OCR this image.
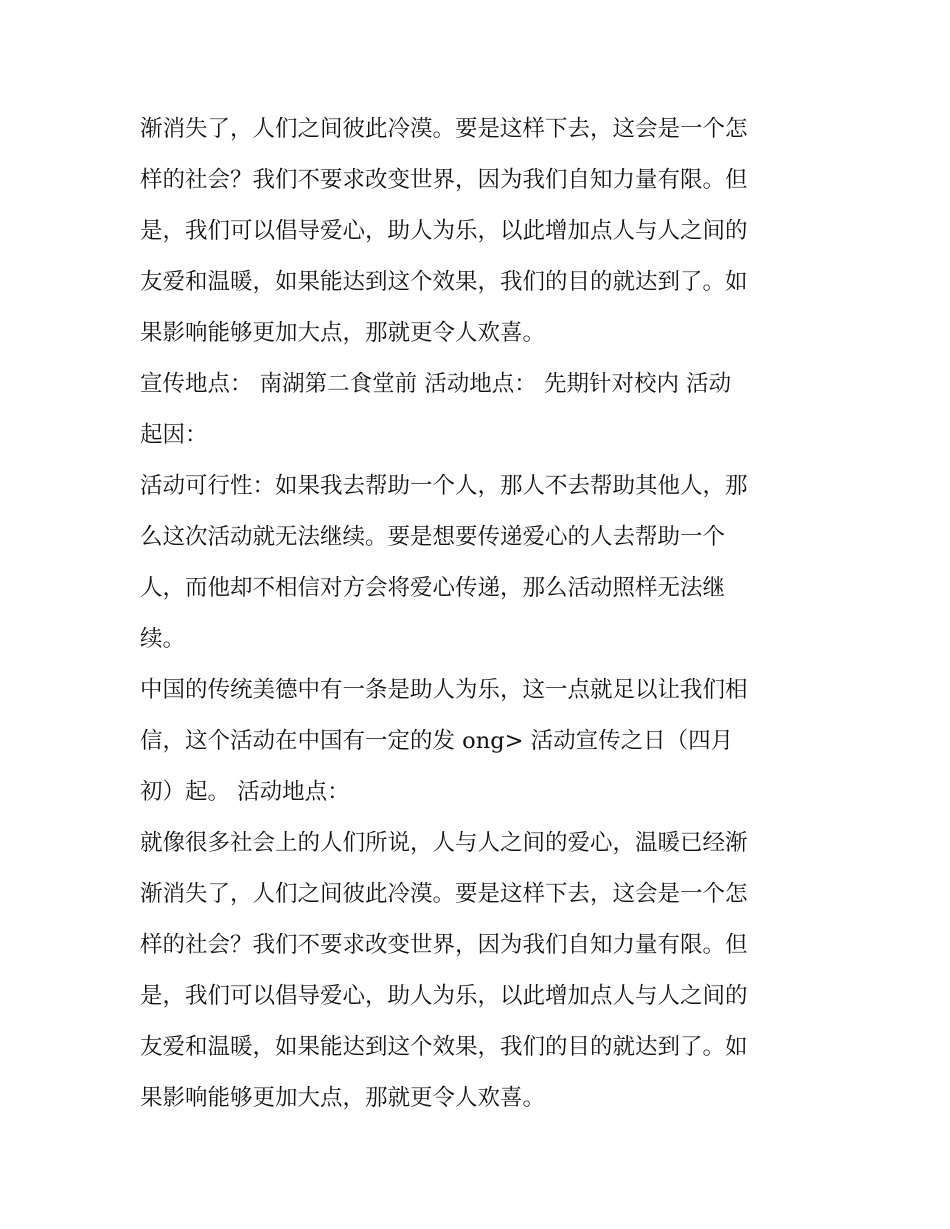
渐消失了，人们之间彼此冷漠。要是这样下去，这会是一个怎
样的社会？我们不要求改变世界，因为我们自知力量有限。但
是，我们可以倡导爱心，助人为乐，以此增加点人与人之间的
友爱和温暖，如果能达到这个效果，我们的目的就达到了。如
果影响能够更加大点，那就更令人欢喜。
宣传地点： 南湖第二食堂前 活动地点： 先期针对校内 活动
起因：
活动可行性：如果我去帮助一个人，那人不去帮助其他人，那
么这次活动就无法继续。要是想要传递爱心的人去帮助一个
人，而他却不相信对方会将爱心传递，那么活动照样无法继
续。
中国的传统美德中有一条是助人为乐，这一点就足以让我们相
信，这个活动在中国有一定的发 ong> 活动宣传之日（四月
初）起。 活动地点：
就像很多社会上的人们所说，人与人之间的爱心，温暖已经渐
渐消失了，人们之间彼此冷漠。要是这样下去，这会是一个怎
样的社会？我们不要求改变世界，因为我们自知力量有限。但
是，我们可以倡导爱心，助人为乐，以此增加点人与人之间的
友爱和温暖，如果能达到这个效果，我们的目的就达到了。如
果影响能够更加大点，那就更令人欢喜。
